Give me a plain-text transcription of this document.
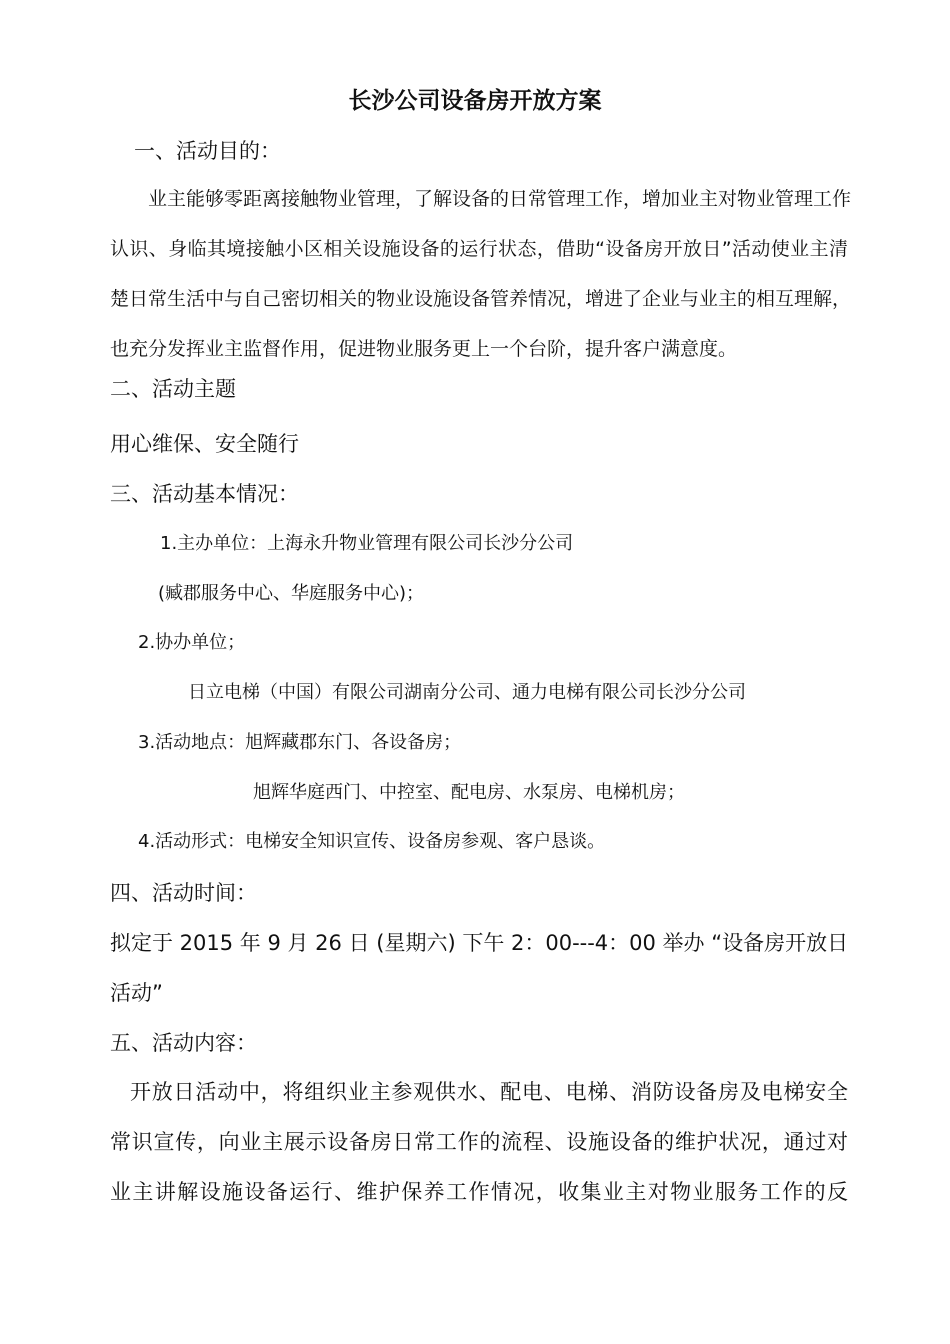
长沙公司设备房开放方案
一、活动目的：
业主能够零距离接触物业管理，了解设备的日常管理工作，增加业主对物业管理工作
认识、身临其境接触小区相关设施设备的运行状态，借助“设备房开放日”活动使业主清
楚日常生活中与自己密切相关的物业设施设备管养情况，增进了企业与业主的相互理解，
也充分发挥业主监督作用，促进物业服务更上一个台阶，提升客户满意度。
二、活动主题
用心维保、安全随行
三、活动基本情况：
1.主办单位：上海永升物业管理有限公司长沙分公司
(臧郡服务中心、华庭服务中心)；
2.协办单位；
日立电梯（中国）有限公司湖南分公司、通力电梯有限公司长沙分公司
3.活动地点：旭辉藏郡东门、各设备房；
旭辉华庭西门、中控室、配电房、水泵房、电梯机房；
4.活动形式：电梯安全知识宣传、设备房参观、客户恳谈。
四、活动时间：
拟定于 2015 年 9 月 26 日 (星期六) 下午 2：00---4：00 举办 “设备房开放日
活动”
五、活动内容：
开放日活动中，将组织业主参观供水、配电、电梯、消防设备房及电梯安全
常识宣传，向业主展示设备房日常工作的流程、设施设备的维护状况，通过对
业主讲解设施设备运行、维护保养工作情况，收集业主对物业服务工作的反
